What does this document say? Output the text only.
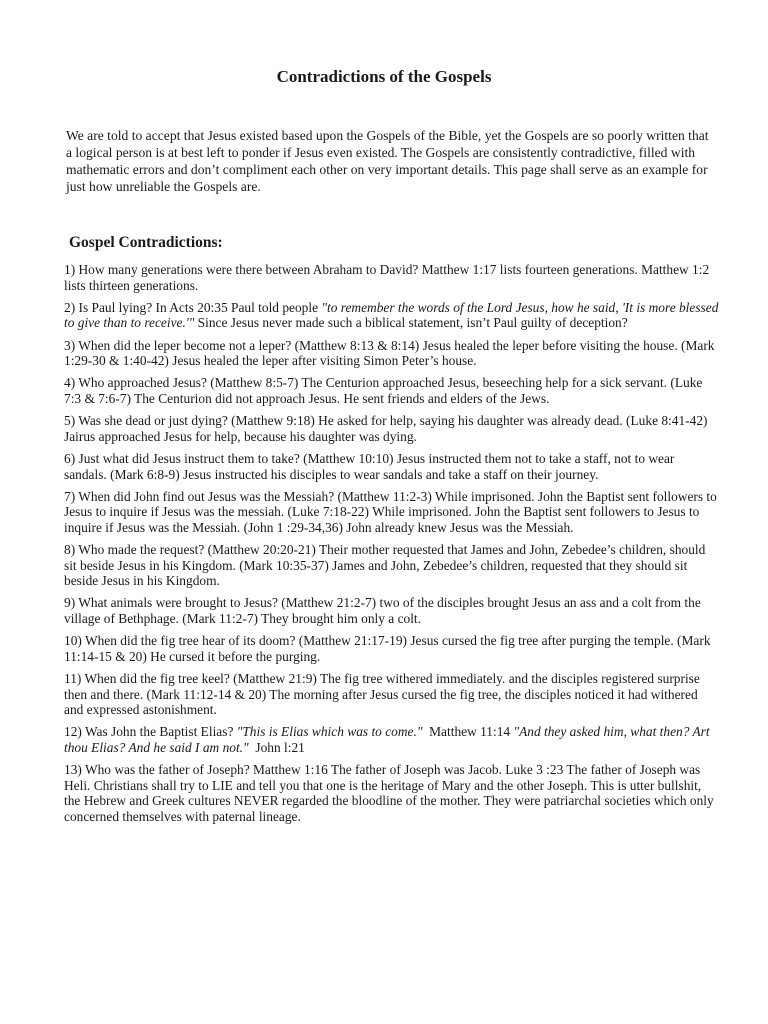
Contradictions of the Gospels

We are told to accept that Jesus existed based upon the Gospels of the Bible, yet the Gospels are so poorly written that a logical person is at best left to ponder if Jesus even existed. The Gospels are consistently contradictive, filled with mathematic errors and don’t compliment each other on very important details. This page shall serve as an example for just how unreliable the Gospels are.

Gospel Contradictions:
1) How many generations were there between Abraham to David? Matthew 1:17 lists fourteen generations. Matthew 1:2 lists thirteen generations.
2) Is Paul lying? In Acts 20:35 Paul told people "to remember the words of the Lord Jesus, how he said, 'It is more blessed to give than to receive.'" Since Jesus never made such a biblical statement, isn’t Paul guilty of deception?
3) When did the leper become not a leper? (Matthew 8:13 & 8:14) Jesus healed the leper before visiting the house. (Mark 1:29-30 & 1:40-42) Jesus healed the leper after visiting Simon Peter’s house.
4) Who approached Jesus? (Matthew 8:5-7) The Centurion approached Jesus, beseeching help for a sick servant. (Luke 7:3 & 7:6-7) The Centurion did not approach Jesus. He sent friends and elders of the Jews.
5) Was she dead or just dying? (Matthew 9:18) He asked for help, saying his daughter was already dead. (Luke 8:41-42) Jairus approached Jesus for help, because his daughter was dying.
6) Just what did Jesus instruct them to take? (Matthew 10:10) Jesus instructed them not to take a staff, not to wear sandals. (Mark 6:8-9) Jesus instructed his disciples to wear sandals and take a staff on their journey.
7) When did John find out Jesus was the Messiah? (Matthew 11:2-3) While imprisoned. John the Baptist sent followers to Jesus to inquire if Jesus was the messiah. (Luke 7:18-22) While imprisoned. John the Baptist sent followers to Jesus to inquire if Jesus was the Messiah. (John 1 :29-34,36) John already knew Jesus was the Messiah.
8) Who made the request? (Matthew 20:20-21) Their mother requested that James and John, Zebedee’s children, should sit beside Jesus in his Kingdom. (Mark 10:35-37) James and John, Zebedee’s children, requested that they should sit beside Jesus in his Kingdom.
9) What animals were brought to Jesus? (Matthew 21:2-7) two of the disciples brought Jesus an ass and a colt from the village of Bethphage. (Mark 11:2-7) They brought him only a colt.
10) When did the fig tree hear of its doom? (Matthew 21:17-19) Jesus cursed the fig tree after purging the temple. (Mark 11:14-15 & 20) He cursed it before the purging.
11) When did the fig tree keel? (Matthew 21:9) The fig tree withered immediately. and the disciples registered surprise then and there. (Mark 11:12-14 & 20) The morning after Jesus cursed the fig tree, the disciples noticed it had withered and expressed astonishment.
12) Was John the Baptist Elias? "This is Elias which was to come."  Matthew 11:14 "And they asked him, what then? Art thou Elias? And he said I am not."  John l:21
13) Who was the father of Joseph? Matthew 1:16 The father of Joseph was Jacob. Luke 3 :23 The father of Joseph was Heli. Christians shall try to LIE and tell you that one is the heritage of Mary and the other Joseph. This is utter bullshit, the Hebrew and Greek cultures NEVER regarded the bloodline of the mother. They were patriarchal societies which only concerned themselves with paternal lineage.
